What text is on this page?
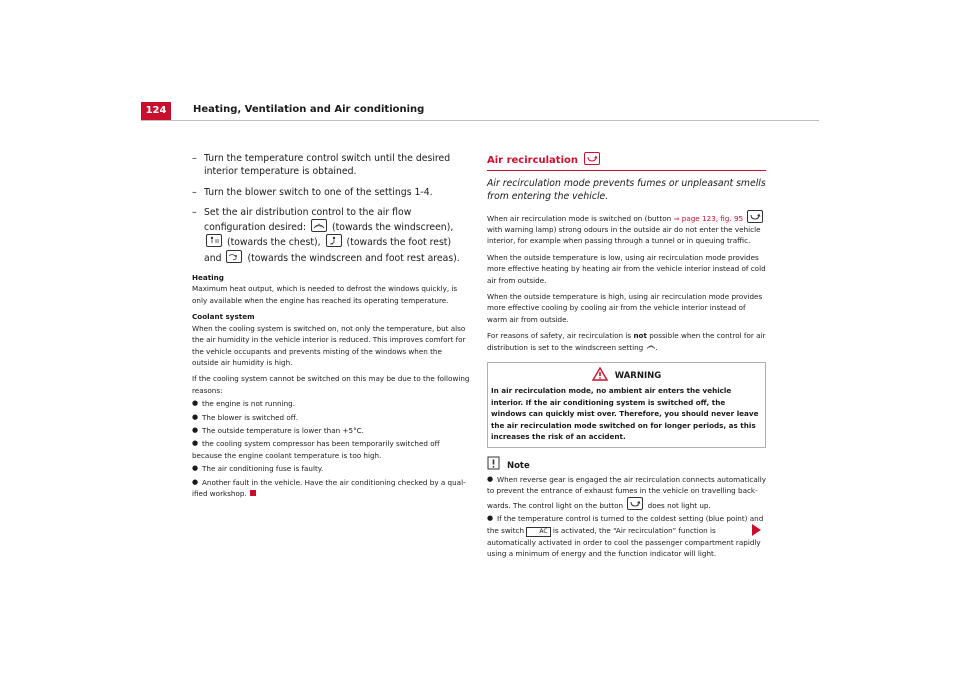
124	Heating, Ventilation and Air conditioning
– Turn the temperature control switch until the desired interior temperature is obtained.
– Turn the blower switch to one of the settings 1-4.
– Set the air distribution control to the air flow configuration desired:	(towards the windscreen),
(towards the chest),	(towards the foot rest) and	(towards the windscreen and foot rest areas).
Heating

Maximum heat output, which is needed to defrost the windows quickly, is only available when the engine has reached its operating temperature.

Coolant system

When the cooling system is switched on, not only the temperature, but also the air humidity in the vehicle interior is reduced. This improves comfort for the vehicle occupants and prevents misting of the windows when the outside air humidity is high.

If the cooling system cannot be switched on this may be due to the following reasons:

● the engine is not running.
● The blower is switched off.
● The outside temperature is lower than +5°C.
● the cooling system compressor has been temporarily switched off because the engine coolant temperature is too high.
● The air conditioning fuse is faulty.
● Another fault in the vehicle. Have the air conditioning checked by a qual-ified workshop.
Air recirculation
Air recirculation mode prevents fumes or unpleasant smells from entering the vehicle.

When air recirculation mode is switched on (button ⇒ page 123, fig. 95
with warning lamp) strong odours in the outside air do not enter the vehicle interior, for example when passing through a tunnel or in queuing traffic.

When the outside temperature is low, using air recirculation mode provides more effective heating by heating air from the vehicle interior instead of cold air from outside.

When the outside temperature is high, using air recirculation mode provides more effective cooling by cooling air from the vehicle interior instead of warm air from outside.

For reasons of safety, air recirculation is not possible when the control for air distribution is set to the windscreen setting .

WARNING
In air recirculation mode, no ambient air enters the vehicle interior. If the air conditioning system is switched off, the windows can quickly mist over. Therefore, you should never leave the air recirculation mode switched on for longer periods, as this increases the risk of an accident.
Note
● When reverse gear is engaged the air recirculation connects automatically to prevent the entrance of exhaust fumes in the vehicle on travelling back-wards. The control light on the button	does not light up.
● If the temperature control is turned to the coldest setting (blue point) and the switch	AC is activated, the “Air recirculation” function is automatically activated in order to cool the passenger compartment rapidly using a minimum of energy and the function indicator will light.
